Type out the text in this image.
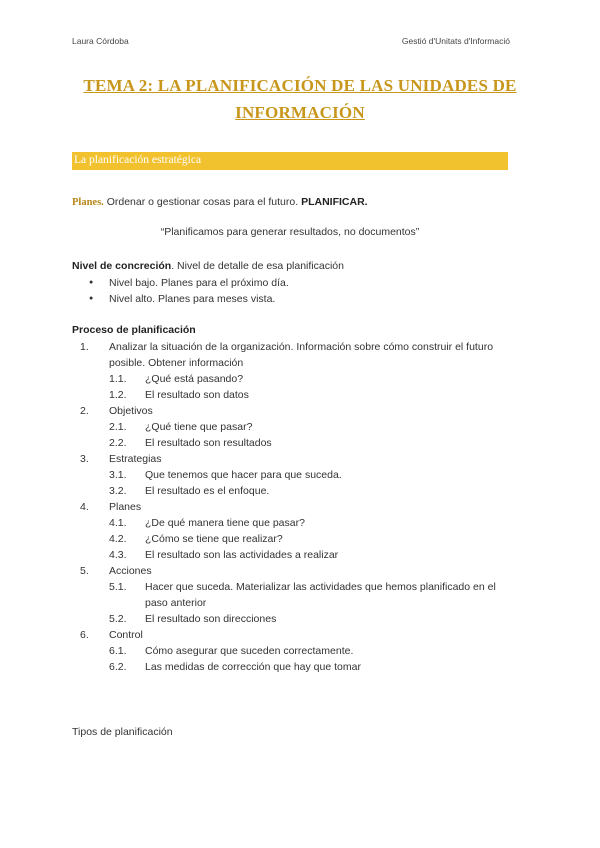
Laura Córdoba	Gestió d'Unitats d'Informació
TEMA 2: LA PLANIFICACIÓN DE LAS UNIDADES DE
INFORMACIÓN
La planificación estratégica
Planes. Ordenar o gestionar cosas para el futuro. PLANIFICAR.
“Planificamos para generar resultados, no documentos”
Nivel de concreción. Nivel de detalle de esa planificación
● Nivel bajo. Planes para el próximo día.
● Nivel alto. Planes para meses vista.
Proceso de planificación
1.	Analizar la situación de la organización. Información sobre cómo construir el futuro
posible. Obtener información
1.1.	¿Qué está pasando?
1.2.	El resultado son datos
2.	Objetivos
2.1.	¿Qué tiene que pasar?
2.2.	El resultado son resultados
3.	Estrategias
3.1.	Que tenemos que hacer para que suceda.
3.2.	El resultado es el enfoque.
4.	Planes
4.1.	¿De qué manera tiene que pasar?
4.2.	¿Cómo se tiene que realizar?
4.3.	El resultado son las actividades a realizar
5.	Acciones
5.1.	Hacer que suceda. Materializar las actividades que hemos planificado en el
paso anterior
5.2.	El resultado son direcciones
6.	Control
6.1.	Cómo asegurar que suceden correctamente.
6.2.	Las medidas de corrección que hay que tomar
Tipos de planificación
